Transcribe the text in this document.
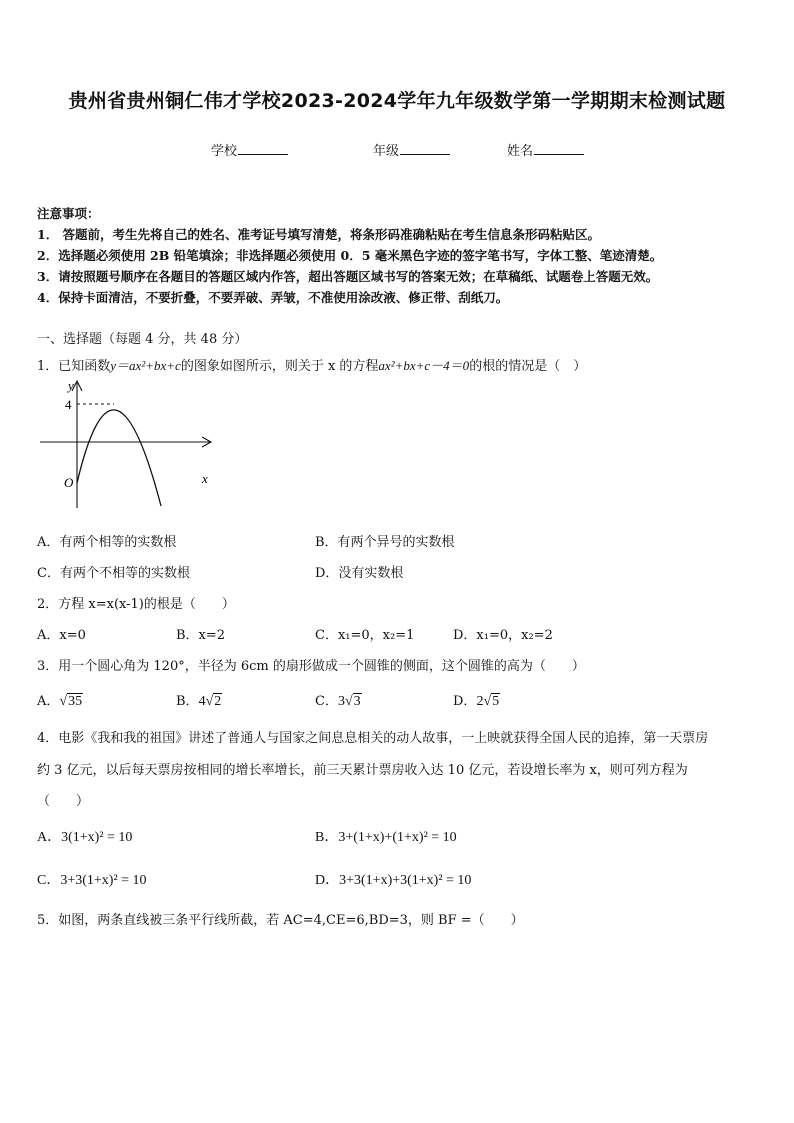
贵州省贵州铜仁伟才学校2023-2024学年九年级数学第一学期期末检测试题
学校	年级	姓名
注意事项：
1． 答题前，考生先将自己的姓名、准考证号填写清楚，将条形码准确粘贴在考生信息条形码粘贴区。
2．选择题必须使用 2B 铅笔填涂；非选择题必须使用 0．5 毫米黑色字迹的签字笔书写，字体工整、笔迹清楚。
3．请按照题号顺序在各题目的答题区域内作答，超出答题区域书写的答案无效；在草稿纸、试题卷上答题无效。
4．保持卡面清洁，不要折叠，不要弄破、弄皱，不准使用涂改液、修正带、刮纸刀。
一、选择题（每题 4 分，共 48 分）
1．已知函数y＝ax²+bx+c的图象如图所示，则关于 x 的方程ax²+bx+c－4＝0的根的情况是（　）
x
y
O
4
A．有两个相等的实数根	B．有两个异号的实数根
C．有两个不相等的实数根	D．没有实数根
2．方程 x=x(x-1)的根是（　　）
A．x=0	B．x=2	C．x₁=0，x₂=1	D．x₁=0，x₂=2
3．用一个圆心角为 120°，半径为 6cm 的扇形做成一个圆锥的侧面，这个圆锥的高为（　　）
A．√35	B．4√2	C．3√3	D．2√5
4．电影《我和我的祖国》讲述了普通人与国家之间息息相关的动人故事，一上映就获得全国人民的追捧，第一天票房
约 3 亿元，以后每天票房按相同的增长率增长，前三天累计票房收入达 10 亿元，若设增长率为 x，则可列方程为
（　　）
A．3(1+x)² = 10	B．3+(1+x)+(1+x)² = 10
C．3+3(1+x)² = 10	D．3+3(1+x)+3(1+x)² = 10
5．如图，两条直线被三条平行线所截，若 AC=4,CE=6,BD=3，则 BF =（　　）
